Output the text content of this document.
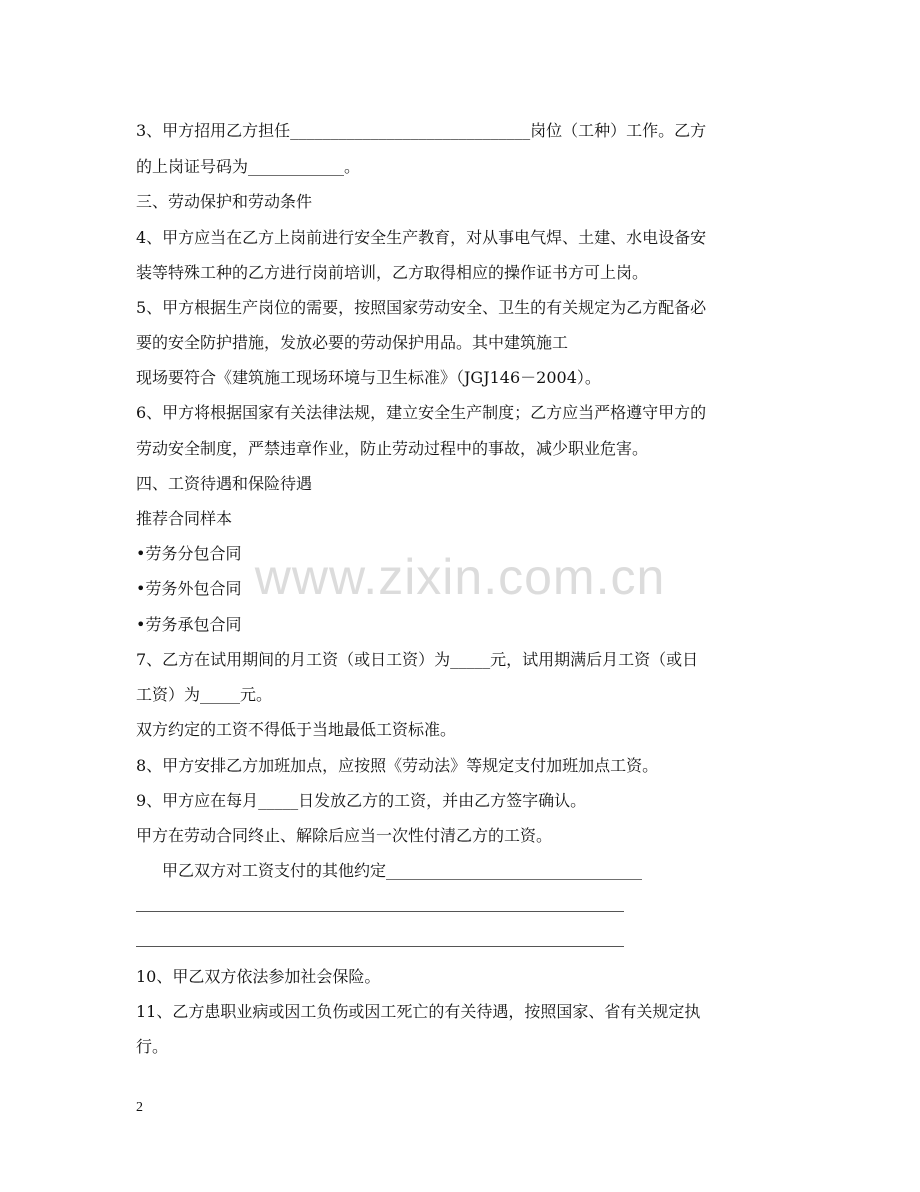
www.zixin.com.cn
3、甲方招用乙方担任______________________________岗位（工种）工作。乙方
的上岗证号码为____________。
三、劳动保护和劳动条件
4、甲方应当在乙方上岗前进行安全生产教育，对从事电气焊、土建、水电设备安
装等特殊工种的乙方进行岗前培训，乙方取得相应的操作证书方可上岗。
5、甲方根据生产岗位的需要，按照国家劳动安全、卫生的有关规定为乙方配备必
要的安全防护措施，发放必要的劳动保护用品。其中建筑施工
现场要符合《建筑施工现场环境与卫生标准》（JGJ146－2004）。
6、甲方将根据国家有关法律法规，建立安全生产制度；乙方应当严格遵守甲方的
劳动安全制度，严禁违章作业，防止劳动过程中的事故，减少职业危害。
四、工资待遇和保险待遇
推荐合同样本
•劳务分包合同
•劳务外包合同
•劳务承包合同
7、乙方在试用期间的月工资（或日工资）为_____元，试用期满后月工资（或日
工资）为_____元。
双方约定的工资不得低于当地最低工资标准。
8、甲方安排乙方加班加点，应按照《劳动法》等规定支付加班加点工资。
9、甲方应在每月_____日发放乙方的工资，并由乙方签字确认。
甲方在劳动合同终止、解除后应当一次性付清乙方的工资。
甲乙双方对工资支付的其他约定________________________________
10、甲乙双方依法参加社会保险。
11、乙方患职业病或因工负伤或因工死亡的有关待遇，按照国家、省有关规定执
行。
2
